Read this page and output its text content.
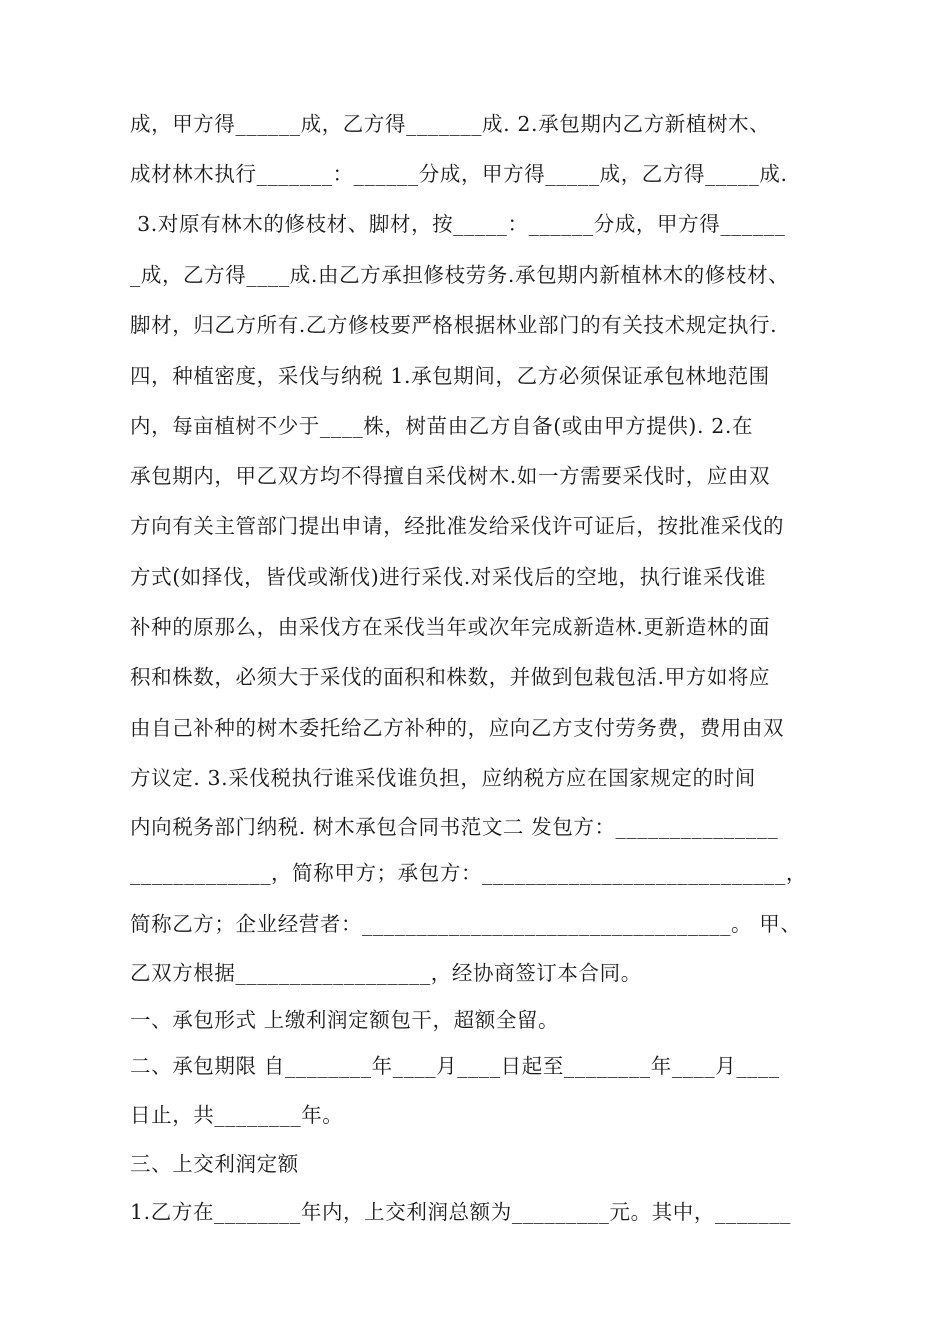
成，甲方得______成，乙方得_______成. 2.承包期内乙方新植树木、
成材林木执行_______：______分成，甲方得_____成，乙方得_____成.
3.对原有林木的修枝材、脚材，按_____：______分成，甲方得______
_成，乙方得____成.由乙方承担修枝劳务.承包期内新植林木的修枝材、
脚材，归乙方所有.乙方修枝要严格根据林业部门的有关技术规定执行.
四，种植密度，采伐与纳税 1.承包期间，乙方必须保证承包林地范围
内，每亩植树不少于____株，树苗由乙方自备(或由甲方提供). 2.在
承包期内，甲乙双方均不得擅自采伐树木.如一方需要采伐时，应由双
方向有关主管部门提出申请，经批准发给采伐许可证后，按批准采伐的
方式(如择伐，皆伐或渐伐)进行采伐.对采伐后的空地，执行谁采伐谁
补种的原那么，由采伐方在采伐当年或次年完成新造林.更新造林的面
积和株数，必须大于采伐的面积和株数，并做到包栽包活.甲方如将应
由自己补种的树木委托给乙方补种的，应向乙方支付劳务费，费用由双
方议定. 3.采伐税执行谁采伐谁负担，应纳税方应在国家规定的时间
内向税务部门纳税. 树木承包合同书范文二 发包方：_______________
_____________，简称甲方；承包方：____________________________，
简称乙方；企业经营者：__________________________________。 甲、
乙双方根据__________________，经协商签订本合同。
一、承包形式 上缴利润定额包干，超额全留。
二、承包期限 自________年____月____日起至________年____月____
日止，共________年。
三、上交利润定额
1.乙方在________年内，上交利润总额为_________元。其中，_______
